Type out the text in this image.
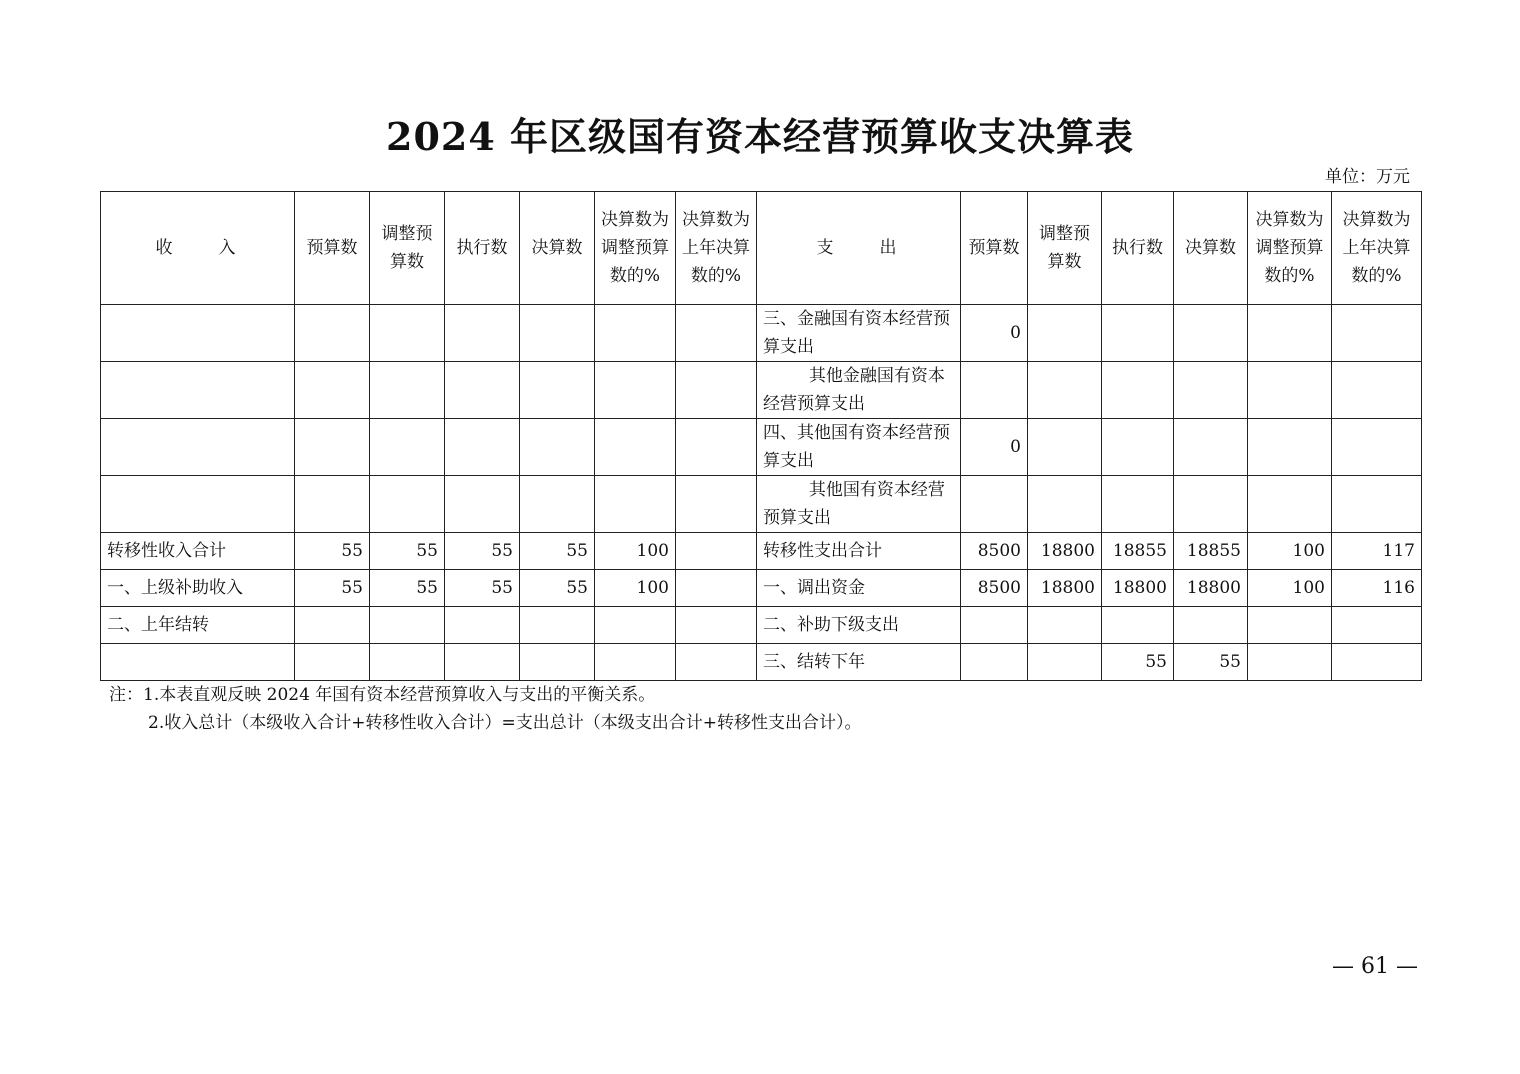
2024 年区级国有资本经营预算收支决算表
单位：万元
收　　入	预算数	调整预算数	执行数	决算数	决算数为调整预算数的%	决算数为上年决算数的%	支　　出	预算数	调整预算数	执行数	决算数	决算数为调整预算数的%	决算数为上年决算数的%
							三、金融国有资本经营预算支出	0					
							其他金融国有资本经营预算支出						
							四、其他国有资本经营预算支出	0					
							其他国有资本经营预算支出						
转移性收入合计	55	55	55	55	100		转移性支出合计	8500	18800	18855	18855	100	117
一、上级补助收入	55	55	55	55	100		一、调出资金	8500	18800	18800	18800	100	116
二、上年结转							二、补助下级支出						
							三、结转下年			55	55		
注：1.本表直观反映 2024 年国有资本经营预算收入与支出的平衡关系。
2.收入总计（本级收入合计+转移性收入合计）=支出总计（本级支出合计+转移性支出合计）。
— 61 —
